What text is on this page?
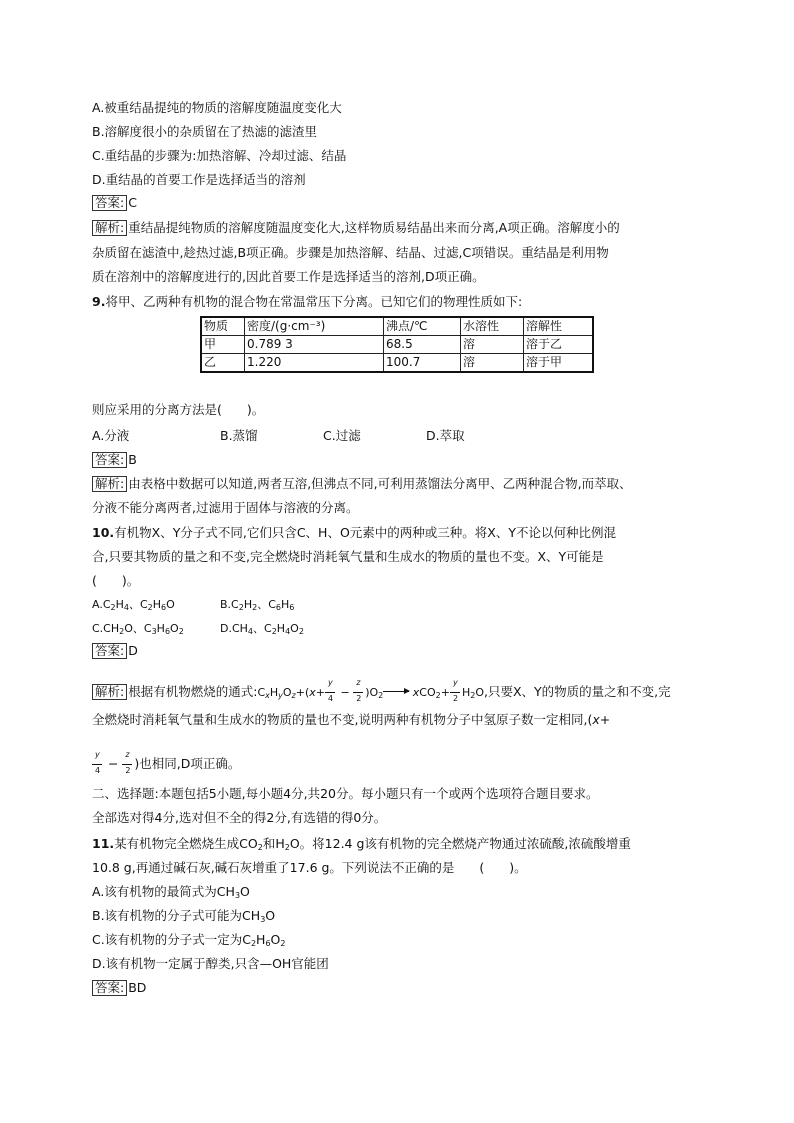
A.被重结晶提纯的物质的溶解度随温度变化大
B.溶解度很小的杂质留在了热滤的滤渣里
C.重结晶的步骤为:加热溶解、冷却过滤、结晶
D.重结晶的首要工作是选择适当的溶剂
答案: C
解析: 重结晶提纯物质的溶解度随温度变化大,这样物质易结晶出来而分离,A项正确。溶解度小的
杂质留在滤渣中,趁热过滤,B项正确。步骤是加热溶解、结晶、过滤,C项错误。重结晶是利用物
质在溶剂中的溶解度进行的,因此首要工作是选择适当的溶剂,D项正确。
9.将甲、乙两种有机物的混合物在常温常压下分离。已知它们的物理性质如下:
物质	密度/(g·cm⁻³)	沸点/℃	水溶性	溶解性
甲	0.789 3	68.5	溶	溶于乙
乙	1.220	100.7	溶	溶于甲
则应采用的分离方法是(　　)。
A.分液	B.蒸馏	C.过滤	D.萃取
答案: B
解析: 由表格中数据可以知道,两者互溶,但沸点不同,可利用蒸馏法分离甲、乙两种混合物,而萃取、
分液不能分离两者,过滤用于固体与溶液的分离。
10.有机物X、Y分子式不同,它们只含C、H、O元素中的两种或三种。将X、Y不论以何种比例混
合,只要其物质的量之和不变,完全燃烧时消耗氧气量和生成水的物质的量也不变。X、Y可能是
(　　)。
$A.C_2H_4$、$C_2H_6O$	$B.C_2H_2$、$C_6H_6$
$C.CH_2O$、$C_3H_6O_2$	$D.CH_4$、$C_2H_4O_2$
答案: D
解析: 根据有机物燃烧的通式$:C_xH_yO_z+(x+ \frac{y}{4} - \frac{z}{2} )O_2$	$xCO_2+ \frac{y}{2} H_2O$,只要X、Y的物质的量之和不变,完
全燃烧时消耗氧气量和生成水的物质的量也不变,说明两种有机物分子中氢原子数一定相同,(x+
$\frac{y}{4} - \frac{z}{2}$ )也相同,D项正确。
二、选择题:本题包括5小题,每小题4分,共20分。每小题只有一个或两个选项符合题目要求。
全部选对得4分,选对但不全的得2分,有选错的得0分。
11.某有机物完全燃烧生成$CO_2$和$H_2O$。将12.4 g该有机物的完全燃烧产物通过浓硫酸,浓硫酸增重
10.8 g,再通过碱石灰,碱石灰增重了17.6 g。下列说法不正确的是　　(　　)。
A.该有机物的最简式为$CH_3O$
B.该有机物的分子式可能为$CH_3O$
C.该有机物的分子式一定为$C_2H_6O_2$
D.该有机物一定属于醇类,只含—OH官能团
答案: BD
